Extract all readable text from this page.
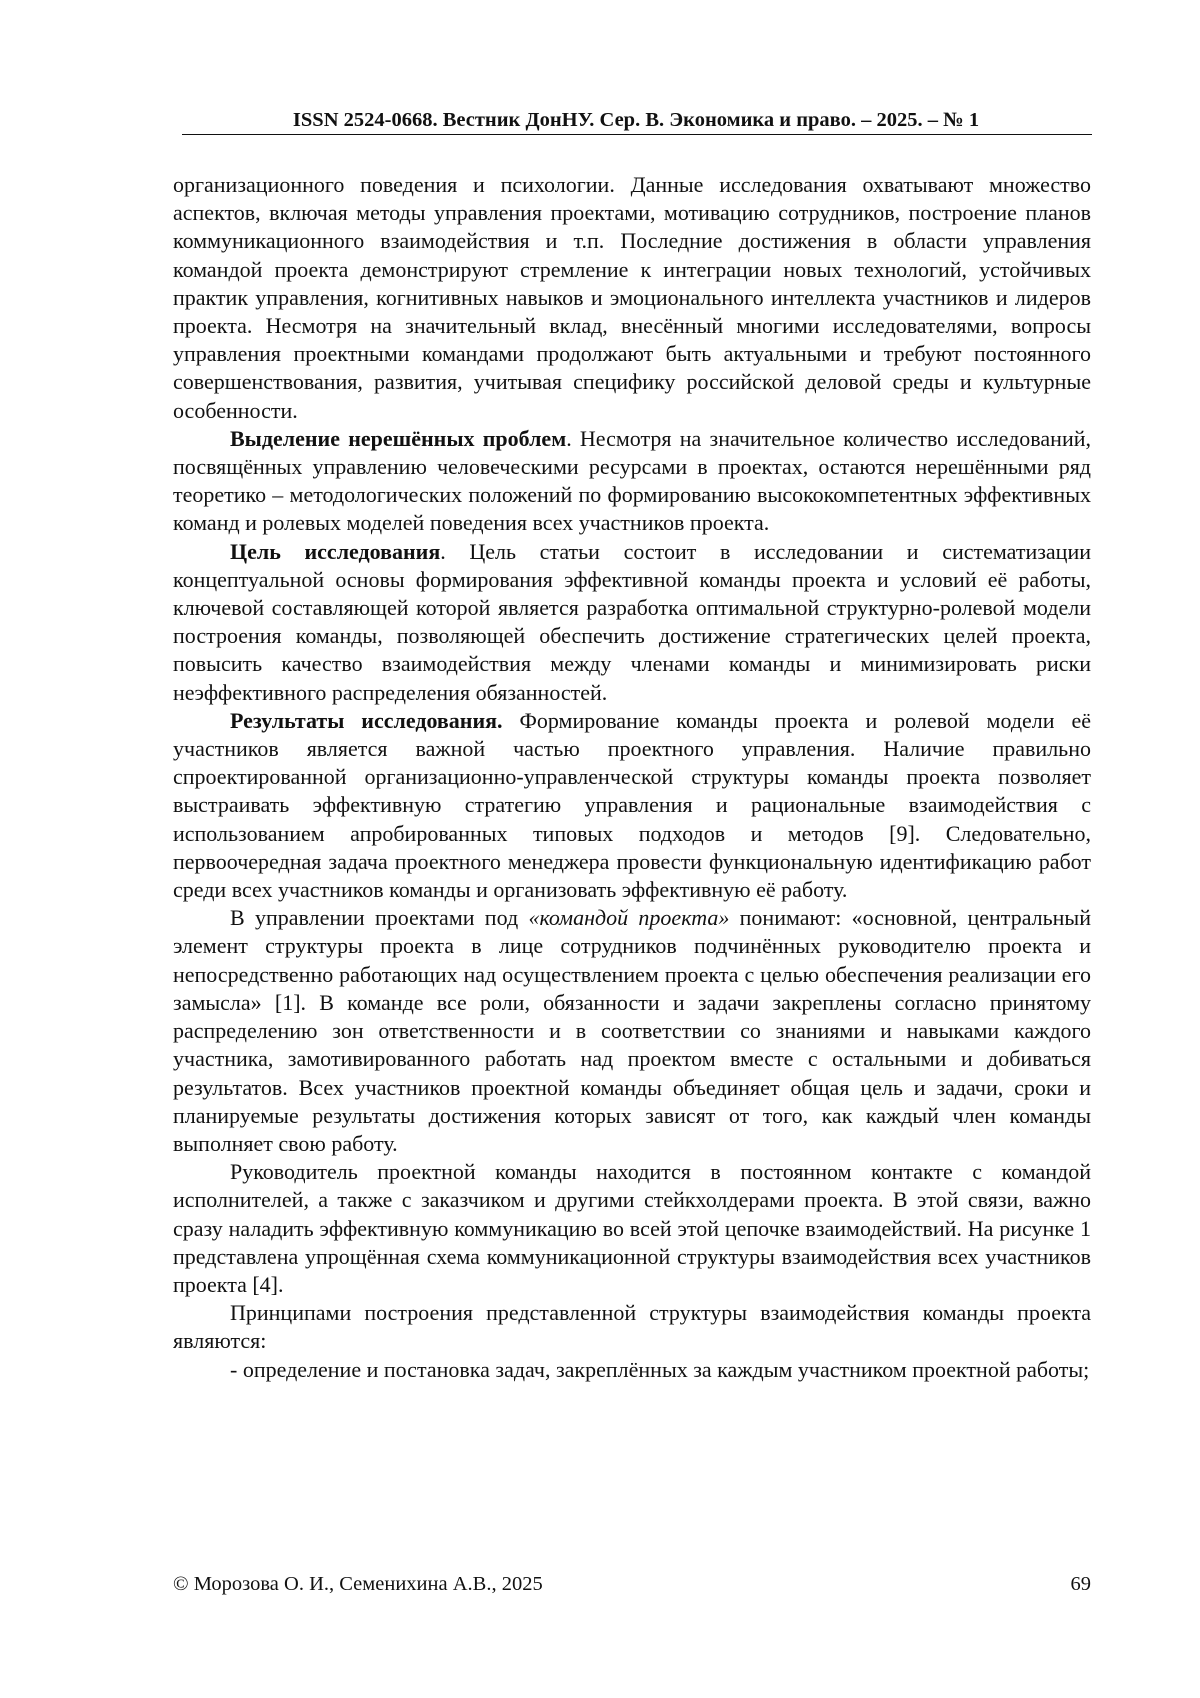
ISSN 2524-0668. Вестник ДонНУ. Сер. В. Экономика и право. – 2025. – № 1

организационного поведения и психологии. Данные исследования охватывают множество аспектов, включая методы управления проектами, мотивацию сотрудников, построение планов коммуникационного взаимодействия и т.п. Последние достижения в области управления командой проекта демонстрируют стремление к интеграции новых технологий, устойчивых практик управления, когнитивных навыков и эмоционального интеллекта участников и лидеров проекта. Несмотря на значительный вклад, внесённый многими исследователями, вопросы управления проектными командами продолжают быть актуальными и требуют постоянного совершенствования, развития, учитывая специфику российской деловой среды и культурные особенности.

Выделение нерешённых проблем. Несмотря на значительное количество исследований, посвящённых управлению человеческими ресурсами в проектах, остаются нерешёнными ряд теоретико – методологических положений по формированию высококомпетентных эффективных команд и ролевых моделей поведения всех участников проекта.

Цель исследования. Цель статьи состоит в исследовании и систематизации концептуальной основы формирования эффективной команды проекта и условий её работы, ключевой составляющей которой является разработка оптимальной структурно-ролевой модели построения команды, позволяющей обеспечить достижение стратегических целей проекта, повысить качество взаимодействия между членами команды и минимизировать риски неэффективного распределения обязанностей.

Результаты исследования. Формирование команды проекта и ролевой модели её участников является важной частью проектного управления. Наличие правильно спроектированной организационно-управленческой структуры команды проекта позволяет выстраивать эффективную стратегию управления и рациональные взаимодействия с использованием апробированных типовых подходов и методов [9]. Следовательно, первоочередная задача проектного менеджера провести функциональную идентификацию работ среди всех участников команды и организовать эффективную её работу.

В управлении проектами под «командой проекта» понимают: «основной, центральный элемент структуры проекта в лице сотрудников подчинённых руководителю проекта и непосредственно работающих над осуществлением проекта с целью обеспечения реализации его замысла» [1]. В команде все роли, обязанности и задачи закреплены согласно принятому распределению зон ответственности и в соответствии со знаниями и навыками каждого участника, замотивированного работать над проектом вместе с остальными и добиваться результатов. Всех участников проектной команды объединяет общая цель и задачи, сроки и планируемые результаты достижения которых зависят от того, как каждый член команды выполняет свою работу.

Руководитель проектной команды находится в постоянном контакте с командой исполнителей, а также с заказчиком и другими стейкхолдерами проекта. В этой связи, важно сразу наладить эффективную коммуникацию во всей этой цепочке взаимодействий. На рисунке 1 представлена упрощённая схема коммуникационной структуры взаимодействия всех участников проекта [4].

Принципами построения представленной структуры взаимодействия команды проекта являются:

- определение и постановка задач, закреплённых за каждым участником проектной работы;

© Морозова О. И., Семенихина А.В., 2025	69
